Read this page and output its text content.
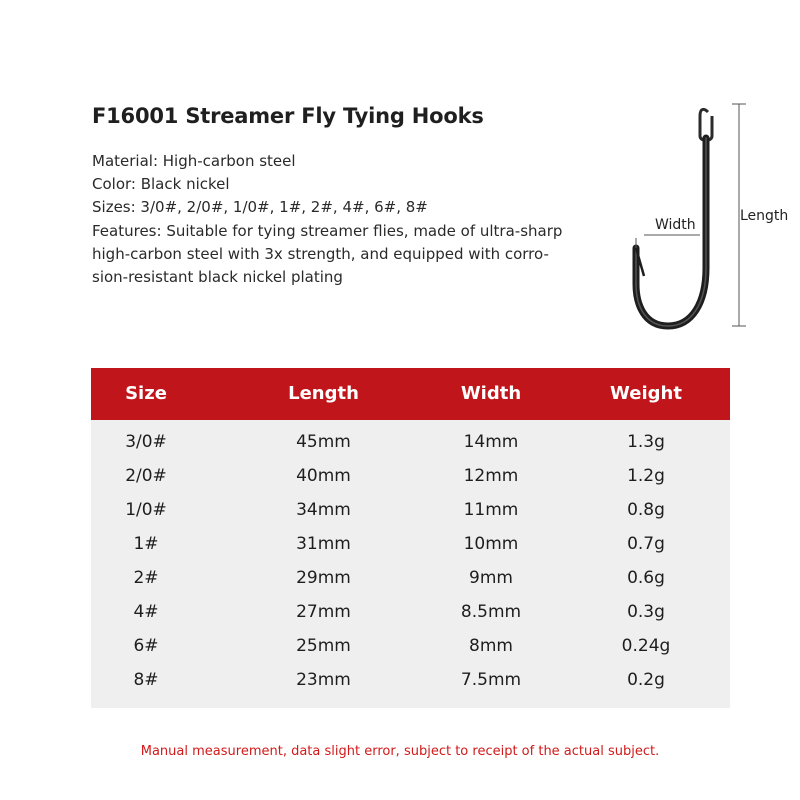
F16001 Streamer Fly Tying Hooks
Material: High-carbon steel
Color: Black nickel
Sizes: 3/0#, 2/0#, 1/0#, 1#, 2#, 4#, 6#, 8#
Features: Suitable for tying streamer flies, made of ultra-sharp
high-carbon steel with 3x strength, and equipped with corro-
sion-resistant black nickel plating
Width
Length
Size	Length	Width	Weight
3/0#	45mm	14mm	1.3g
2/0#	40mm	12mm	1.2g
1/0#	34mm	11mm	0.8g
1#	31mm	10mm	0.7g
2#	29mm	9mm	0.6g
4#	27mm	8.5mm	0.3g
6#	25mm	8mm	0.24g
8#	23mm	7.5mm	0.2g
Manual measurement, data slight error, subject to receipt of the actual subject.
